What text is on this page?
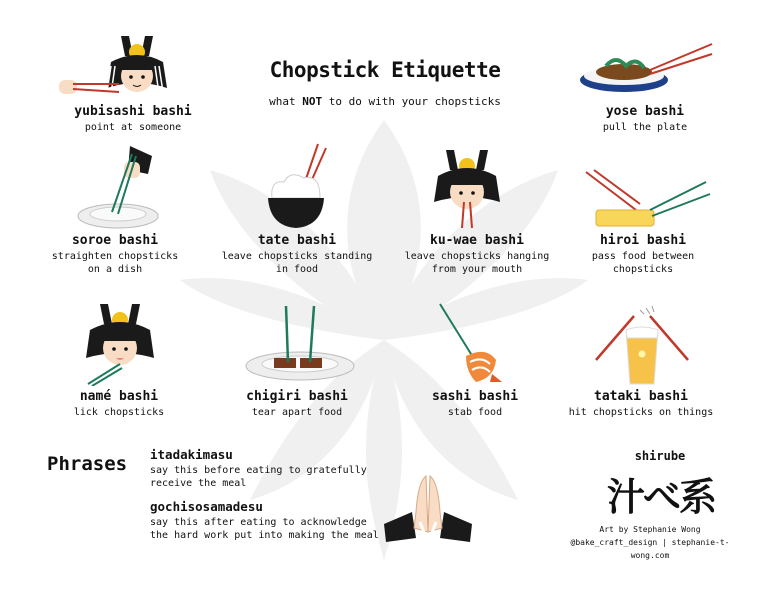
Chopstick Etiquette
what NOT to do with your chopsticks
yubisashi bashi
point at someone
yose bashi
pull the plate
soroe bashi
straighten chopsticks
on a dish
tate bashi
leave chopsticks standing
in food
ku-wae bashi
leave chopsticks hanging
from your mouth
hiroi bashi
pass food between
chopsticks
namé bashi
lick chopsticks
chigiri bashi
tear apart food
sashi bashi
stab food
tataki bashi
hit chopsticks on things
Phrases itadakimasu
say this before eating to gratefully
receive the meal
gochisosamadesu
say this after eating to acknowledge
the hard work put into making the meal
shirube
汁べ系
Art by Stephanie Wong
@bake_craft_design | stephanie-t-wong.com
